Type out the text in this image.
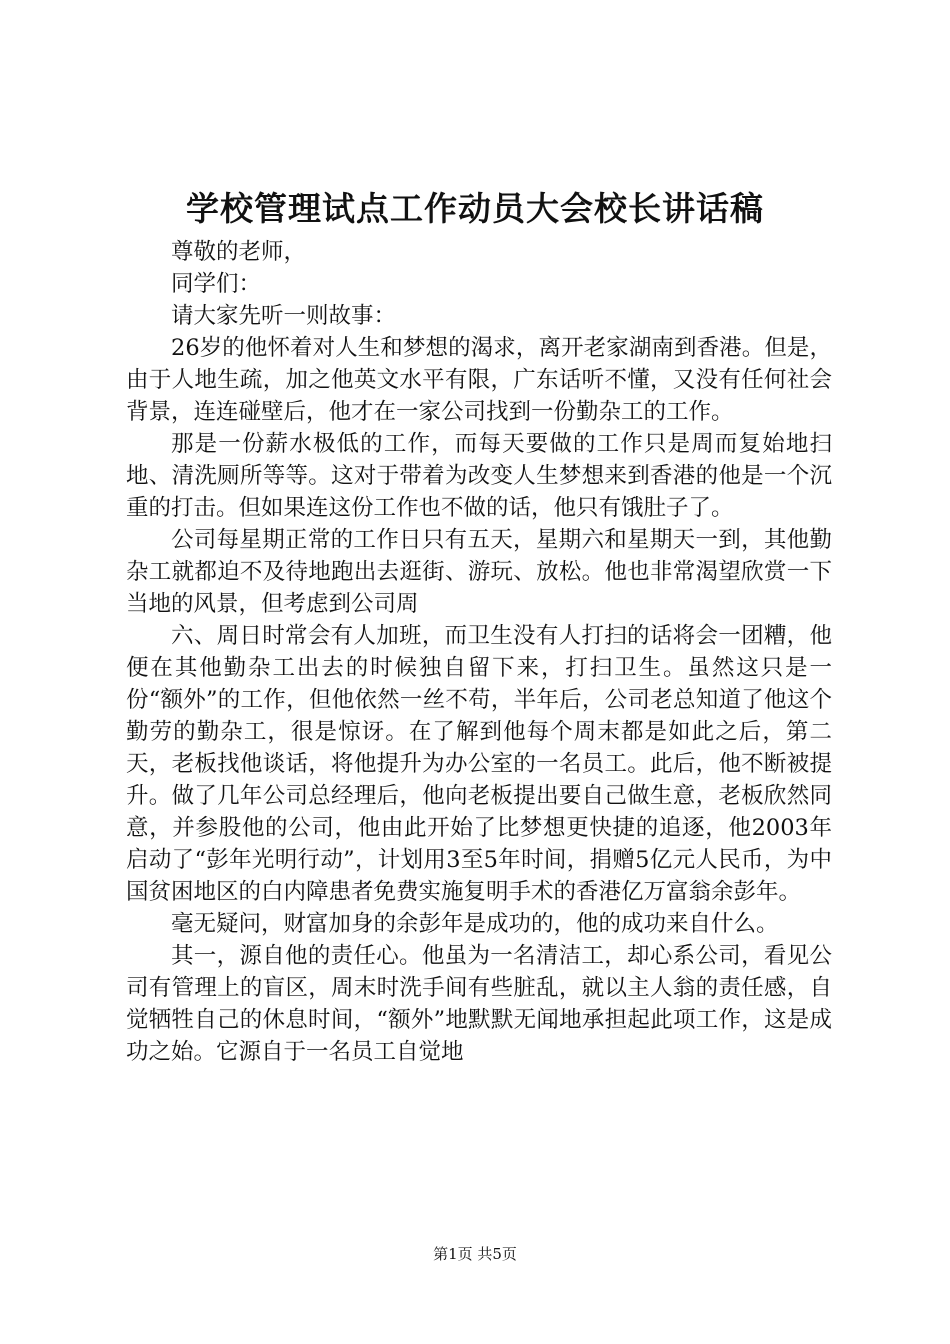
学校管理试点工作动员大会校长讲话稿

尊敬的老师，

同学们：

请大家先听一则故事：

26岁的他怀着对人生和梦想的渴求，离开老家湖南到香港。但是，由于人地生疏，加之他英文水平有限，广东话听不懂，又没有任何社会背景，连连碰壁后，他才在一家公司找到一份勤杂工的工作。

那是一份薪水极低的工作，而每天要做的工作只是周而复始地扫地、清洗厕所等等。这对于带着为改变人生梦想来到香港的他是一个沉重的打击。但如果连这份工作也不做的话，他只有饿肚子了。

公司每星期正常的工作日只有五天，星期六和星期天一到，其他勤杂工就都迫不及待地跑出去逛街、游玩、放松。他也非常渴望欣赏一下当地的风景，但考虑到公司周

六、周日时常会有人加班，而卫生没有人打扫的话将会一团糟，他便在其他勤杂工出去的时候独自留下来，打扫卫生。虽然这只是一份“额外”的工作，但他依然一丝不苟，半年后，公司老总知道了他这个勤劳的勤杂工，很是惊讶。在了解到他每个周末都是如此之后，第二天，老板找他谈话，将他提升为办公室的一名员工。此后，他不断被提升。做了几年公司总经理后，他向老板提出要自己做生意，老板欣然同意，并参股他的公司，他由此开始了比梦想更快捷的追逐，他2003年启动了“彭年光明行动”，计划用3至5年时间，捐赠5亿元人民币，为中国贫困地区的白内障患者免费实施复明手术的香港亿万富翁余彭年。

毫无疑问，财富加身的余彭年是成功的，他的成功来自什么。

其一，源自他的责任心。他虽为一名清洁工，却心系公司，看见公司有管理上的盲区，周末时洗手间有些脏乱，就以主人翁的责任感，自觉牺牲自己的休息时间，“额外”地默默无闻地承担起此项工作，这是成功之始。它源自于一名员工自觉地

第1页 共5页
